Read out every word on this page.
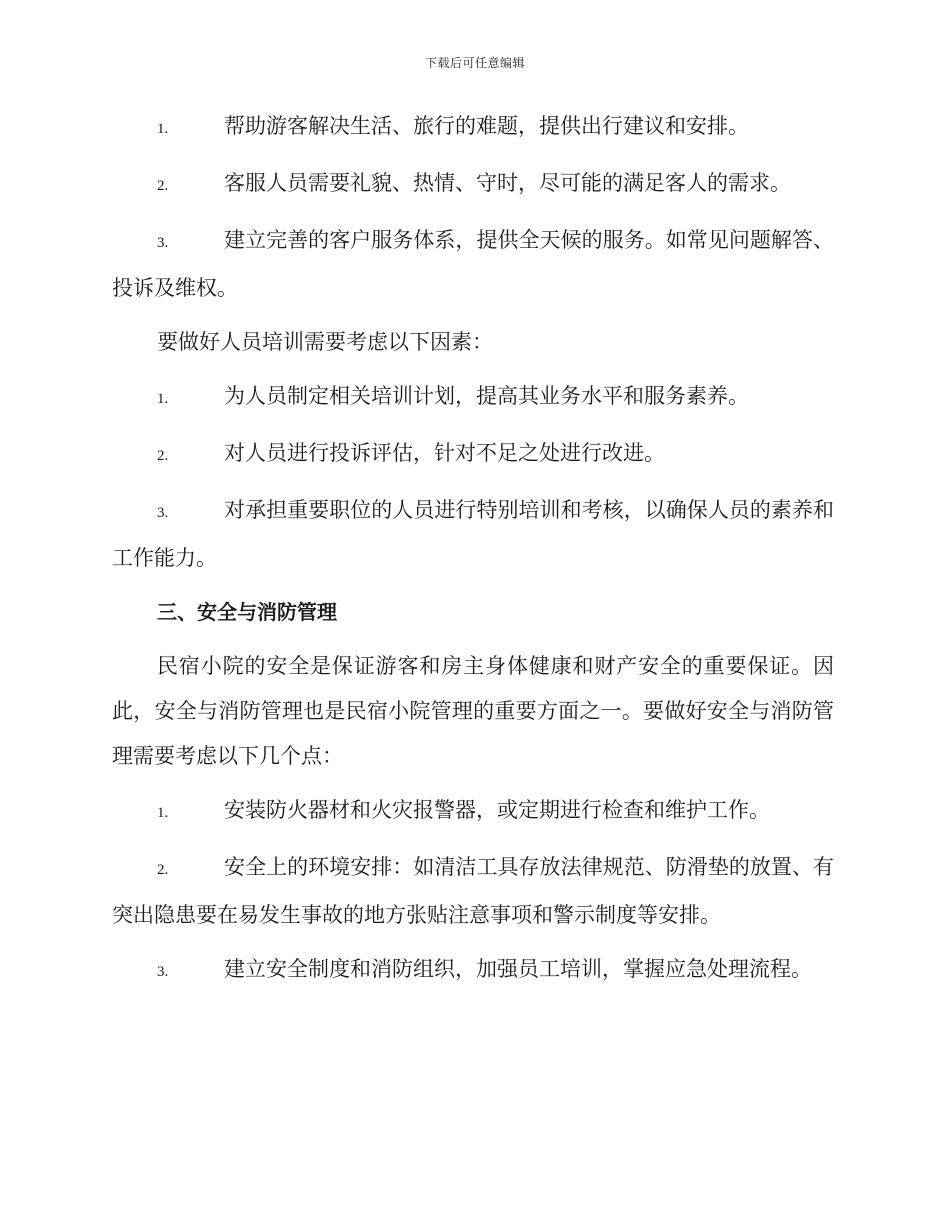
下载后可任意编辑

1.	帮助游客解决生活、旅行的难题，提供出行建议和安排。

2.	客服人员需要礼貌、热情、守时，尽可能的满足客人的需求。

3.	建立完善的客户服务体系，提供全天候的服务。如常见问题解答、投诉及维权。

要做好人员培训需要考虑以下因素：

1.	为人员制定相关培训计划，提高其业务水平和服务素养。

2.	对人员进行投诉评估，针对不足之处进行改进。

3.	对承担重要职位的人员进行特别培训和考核，以确保人员的素养和工作能力。

三、安全与消防管理

民宿小院的安全是保证游客和房主身体健康和财产安全的重要保证。因此，安全与消防管理也是民宿小院管理的重要方面之一。要做好安全与消防管理需要考虑以下几个点：

1.	安装防火器材和火灾报警器，或定期进行检查和维护工作。

2.	安全上的环境安排：如清洁工具存放法律规范、防滑垫的放置、有突出隐患要在易发生事故的地方张贴注意事项和警示制度等安排。

3.	建立安全制度和消防组织，加强员工培训，掌握应急处理流程。
